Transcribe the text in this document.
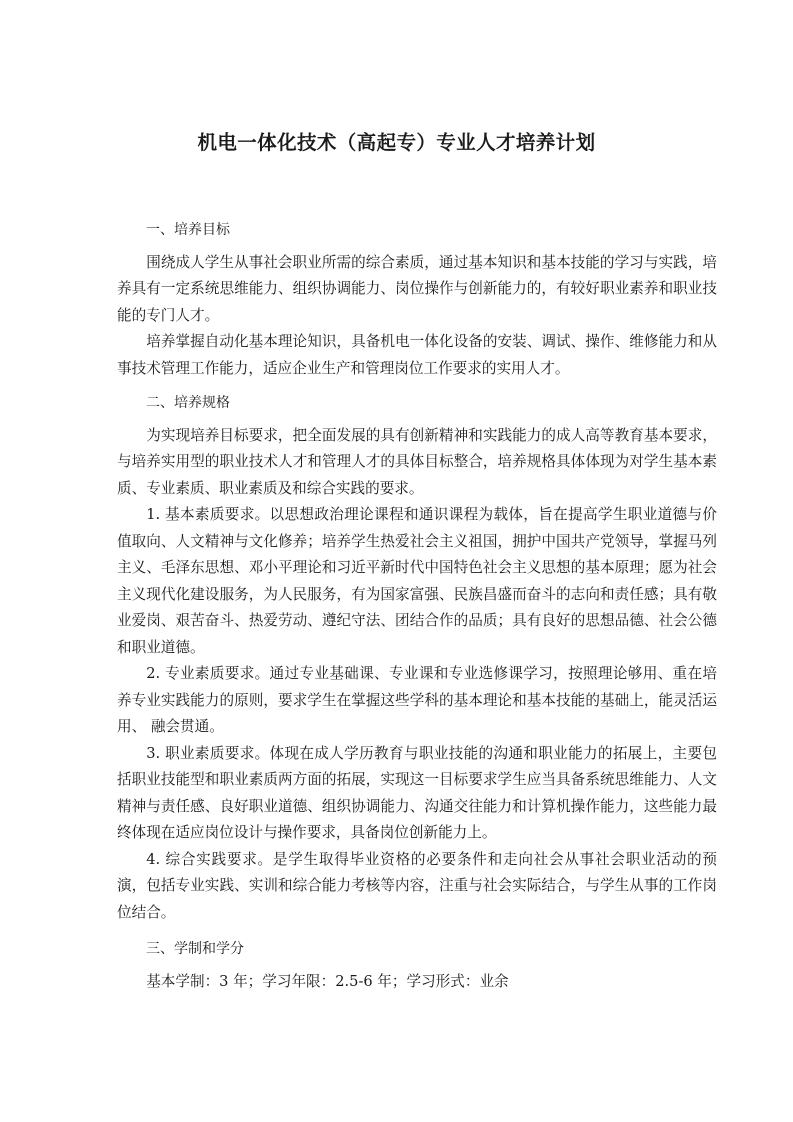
机电一体化技术（高起专）专业人才培养计划
一、培养目标

围绕成人学生从事社会职业所需的综合素质，通过基本知识和基本技能的学习与实践，培养具有一定系统思维能力、组织协调能力、岗位操作与创新能力的，有较好职业素养和职业技能的专门人才。

培养掌握自动化基本理论知识，具备机电一体化设备的安装、调试、操作、维修能力和从事技术管理工作能力，适应企业生产和管理岗位工作要求的实用人才。

二、培养规格

为实现培养目标要求，把全面发展的具有创新精神和实践能力的成人高等教育基本要求，与培养实用型的职业技术人才和管理人才的具体目标整合，培养规格具体体现为对学生基本素质、专业素质、职业素质及和综合实践的要求。

1. 基本素质要求。以思想政治理论课程和通识课程为载体，旨在提高学生职业道德与价值取向、人文精神与文化修养；培养学生热爱社会主义祖国，拥护中国共产党领导，掌握马列主义、毛泽东思想、邓小平理论和习近平新时代中国特色社会主义思想的基本原理；愿为社会主义现代化建设服务，为人民服务，有为国家富强、民族昌盛而奋斗的志向和责任感；具有敬业爱岗、艰苦奋斗、热爱劳动、遵纪守法、团结合作的品质；具有良好的思想品德、社会公德和职业道德。

2. 专业素质要求。通过专业基础课、专业课和专业选修课学习，按照理论够用、重在培养专业实践能力的原则，要求学生在掌握这些学科的基本理论和基本技能的基础上，能灵活运用、 融会贯通。

3. 职业素质要求。体现在成人学历教育与职业技能的沟通和职业能力的拓展上，主要包括职业技能型和职业素质两方面的拓展，实现这一目标要求学生应当具备系统思维能力、人文精神与责任感、良好职业道德、组织协调能力、沟通交往能力和计算机操作能力，这些能力最终体现在适应岗位设计与操作要求，具备岗位创新能力上。

4. 综合实践要求。是学生取得毕业资格的必要条件和走向社会从事社会职业活动的预演，包括专业实践、实训和综合能力考核等内容，注重与社会实际结合，与学生从事的工作岗位结合。

三、学制和学分

基本学制：3 年；学习年限：2.5-6 年；学习形式：业余
